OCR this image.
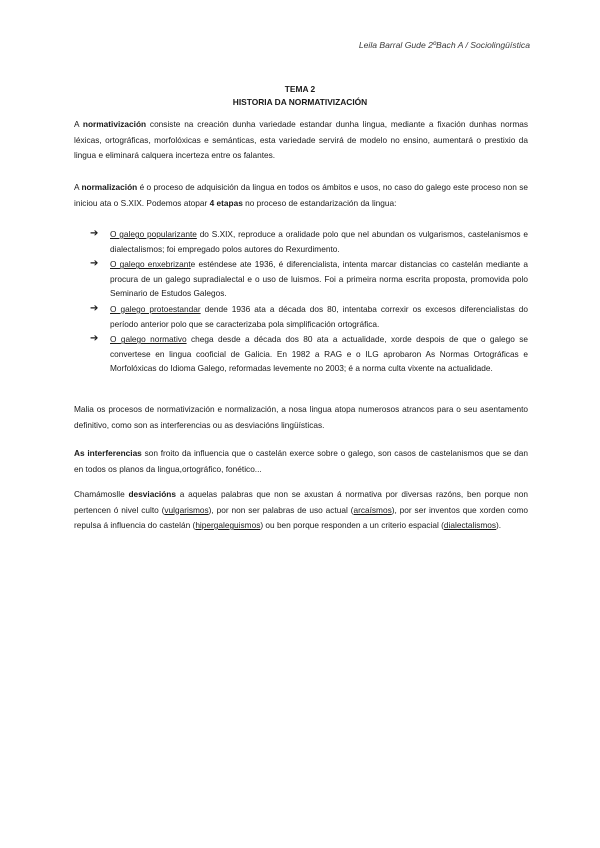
Leila Barral Gude 2ºBach A / Sociolingüística
TEMA 2
HISTORIA DA NORMATIVIZACIÓN

A normativización consiste na creación dunha variedade estandar dunha lingua, mediante a fixación dunhas normas léxicas, ortográficas, morfolóxicas e semánticas, esta variedade servirá de modelo no ensino, aumentará o prestixio da lingua e eliminará calquera incerteza entre os falantes.

A normalización é o proceso de adquisición da lingua en todos os ámbitos e usos, no caso do galego este proceso non se iniciou ata o S.XIX. Podemos atopar 4 etapas no proceso de estandarización da lingua:

➔ O galego popularizante do S.XIX, reproduce a oralidade polo que nel abundan os vulgarismos, castelanismos e dialectalismos; foi empregado polos autores do Rexurdimento.
➔ O galego enxebrizante esténdese ate 1936, é diferencialista, intenta marcar distancias co castelán mediante a procura de un galego supradialectal e o uso de luismos. Foi a primeira norma escrita proposta, promovida polo Seminario de Estudos Galegos.
➔ O galego protoestandar dende 1936 ata a década dos 80, intentaba correxir os excesos diferencialistas do período anterior polo que se caracterizaba pola simplificación ortográfica.
➔ O galego normativo chega desde a década dos 80 ata a actualidade, xorde despois de que o galego se convertese en lingua cooficial de Galicia. En 1982 a RAG e o ILG aprobaron As Normas Ortográficas e Morfolóxicas do Idioma Galego, reformadas levemente no 2003; é a norma culta vixente na actualidade.

Malia os procesos de normativización e normalización, a nosa lingua atopa numerosos atrancos para o seu asentamento definitivo, como son as interferencias ou as desviacións lingüísticas.

As interferencias son froito da influencia que o castelán exerce sobre o galego, son casos de castelanismos que se dan en todos os planos da lingua,ortográfico, fonético...

Chamámoslle desviacións a aquelas palabras que non se axustan á normativa por diversas razóns, ben porque non pertencen ó nivel culto (vulgarismos), por non ser palabras de uso actual (arcaísmos), por ser inventos que xorden como repulsa á influencia do castelán (hipergaleguismos) ou ben porque responden a un criterio espacial (dialectalismos).
